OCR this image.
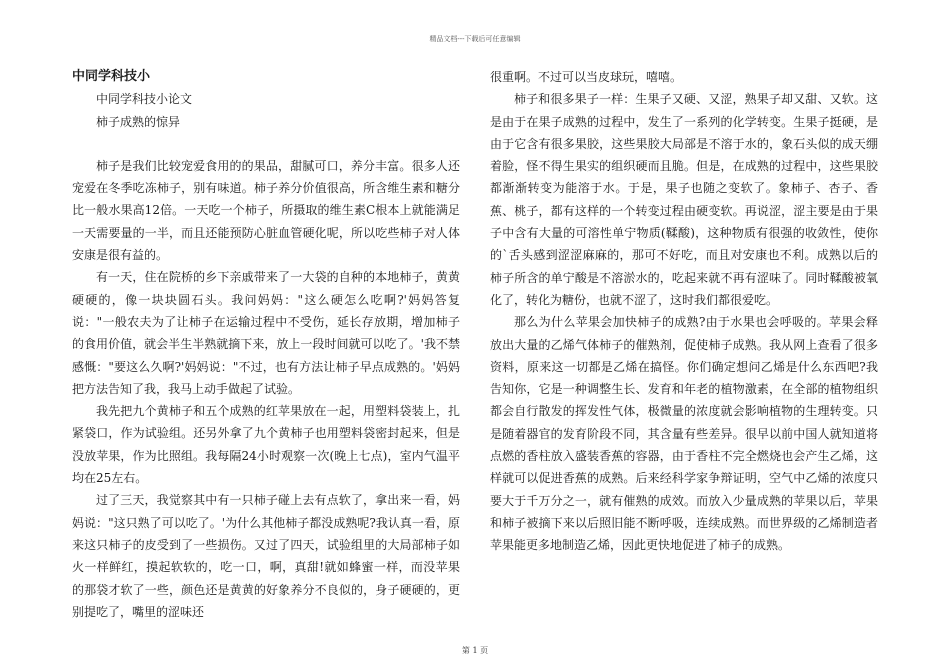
精品文档---下载后可任意编辑

中同学科技小

中同学科技小论文

柿子成熟的惊异

柿子是我们比较宠爱食用的的果品，甜腻可口，养分丰富。很多人还宠爱在冬季吃冻柿子，别有味道。柿子养分价值很高，所含维生素和糖分比一般水果高12倍。一天吃一个柿子，所摄取的维生素C根本上就能满足一天需要量的一半，而且还能预防心脏血管硬化呢，所以吃些柿子对人体安康是很有益的。

有一天，住在院桥的乡下亲戚带来了一大袋的自种的本地柿子，黄黄硬硬的，像一块块圆石头。我问妈妈："这么硬怎么吃啊?'妈妈答复说："一般农夫为了让柿子在运输过程中不受伤，延长存放期，增加柿子的食用价值，就会半生半熟就摘下来，放上一段时间就可以吃了。'我不禁感慨："要这么久啊?'妈妈说："不过，也有方法让柿子早点成熟的。'妈妈把方法告知了我，我马上动手做起了试验。

我先把九个黄柿子和五个成熟的红苹果放在一起，用塑料袋装上，扎紧袋口，作为试验组。还另外拿了九个黄柿子也用塑料袋密封起来，但是没放苹果，作为比照组。我每隔24小时观察一次(晚上七点)，室内气温平均在25左右。

过了三天，我觉察其中有一只柿子碰上去有点软了，拿出来一看，妈妈说："这只熟了可以吃了。'为什么其他柿子都没成熟呢?我认真一看，原来这只柿子的皮受到了一些损伤。又过了四天，试验组里的大局部柿子如火一样鲜红，摸起软软的，吃一口，啊，真甜!就如蜂蜜一样，而没苹果的那袋才软了一些，颜色还是黄黄的好象养分不良似的，身子硬硬的，更别提吃了，嘴里的涩味还

很重啊。不过可以当皮球玩，嘻嘻。

柿子和很多果子一样：生果子又硬、又涩，熟果子却又甜、又软。这是由于在果子成熟的过程中，发生了一系列的化学转变。生果子挺硬，是由于它含有很多果胶，这些果胶大局部是不溶于水的，象石头似的成天绷着脸，怪不得生果实的组织硬而且脆。但是，在成熟的过程中，这些果胶都渐渐转变为能溶于水。于是，果子也随之变软了。象柿子、杏子、香蕉、桃子，都有这样的一个转变过程由硬变软。再说涩，涩主要是由于果子中含有大量的可溶性单宁物质(鞣酸)，这种物质有很强的收敛性，使你的`舌头感到涩涩麻麻的，那可不好吃，而且对安康也不利。成熟以后的柿子所含的单宁酸是不溶淤水的，吃起来就不再有涩味了。同时鞣酸被氧化了，转化为糖份，也就不涩了，这时我们都很爱吃。

那么为什么苹果会加快柿子的成熟?由于水果也会呼吸的。苹果会释放出大量的乙烯气体柿子的催熟剂，促使柿子成熟。我从网上查看了很多资料，原来这一切都是乙烯在搞怪。你们确定想问乙烯是什么东西吧?我告知你，它是一种调整生长、发育和年老的植物激素，在全部的植物组织都会自行散发的挥发性气体，极微量的浓度就会影响植物的生理转变。只是随着器官的发育阶段不同，其含量有些差异。很早以前中国人就知道将点燃的香柱放入盛装香蕉的容器，由于香柱不完全燃烧也会产生乙烯，这样就可以促进香蕉的成熟。后来经科学家争辩证明，空气中乙烯的浓度只要大于千万分之一，就有催熟的成效。而放入少量成熟的苹果以后，苹果和柿子被摘下来以后照旧能不断呼吸，连续成熟。而世界级的乙烯制造者苹果能更多地制造乙烯，因此更快地促进了柿子的成熟。

第 1 页
